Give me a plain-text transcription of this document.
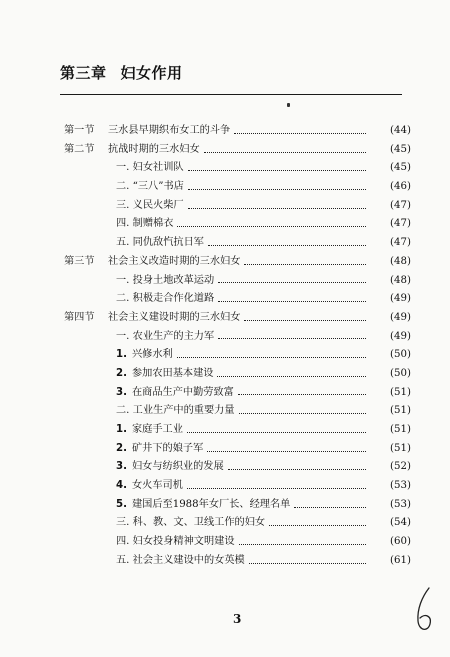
第三章 妇女作用
第一节 三水县早期织布女工的斗争	(44)
第二节 抗战时期的三水妇女	(45)
一. 妇女社训队	(45)
二. “三八”书店	(46)
三. 义民火柴厂	(47)
四. 制赠棉衣	(47)
五. 同仇敌忾抗日军	(47)
第三节 社会主义改造时期的三水妇女	(48)
一. 投身土地改革运动	(48)
二. 积极走合作化道路	(49)
第四节 社会主义建设时期的三水妇女	(49)
一. 农业生产的主力军	(49)
1. 兴修水利	(50)
2. 参加农田基本建设	(50)
3. 在商品生产中勤劳致富	(51)
二. 工业生产中的重要力量	(51)
1. 家庭手工业	(51)
2. 矿井下的娘子军	(51)
3. 妇女与纺织业的发展	(52)
4. 女火车司机	(53)
5. 建国后至1988年女厂长、经理名单	(53)
三. 科、教、文、卫线工作的妇女	(54)
四. 妇女投身精神文明建设	(60)
五. 社会主义建设中的女英模	(61)
3
